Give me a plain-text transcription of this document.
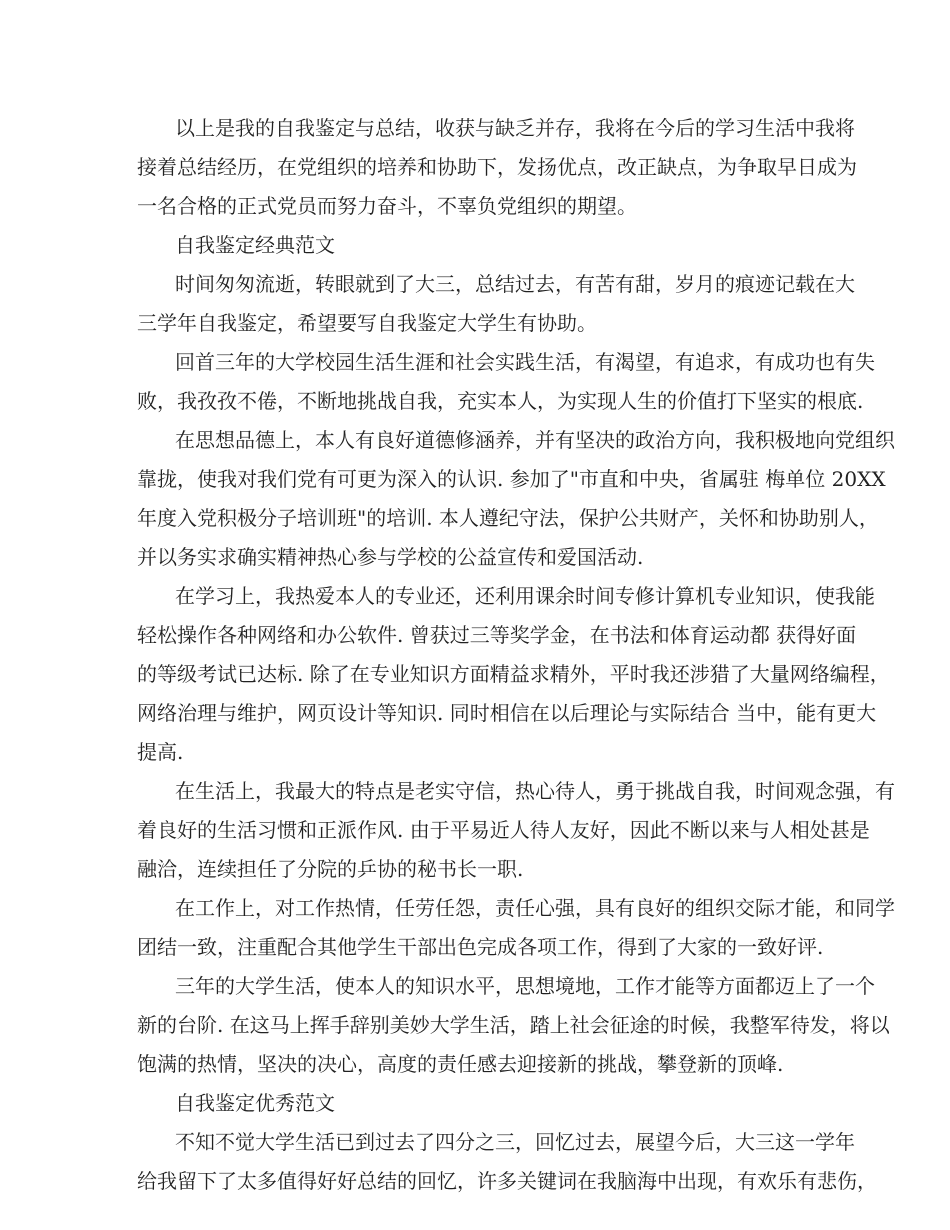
以上是我的自我鉴定与总结，收获与缺乏并存，我将在今后的学习生活中我将
接着总结经历，在党组织的培养和协助下，发扬优点，改正缺点，为争取早日成为
一名合格的正式党员而努力奋斗，不辜负党组织的期望。
自我鉴定经典范文
时间匆匆流逝，转眼就到了大三，总结过去，有苦有甜，岁月的痕迹记载在大
三学年自我鉴定，希望要写自我鉴定大学生有协助。
回首三年的大学校园生活生涯和社会实践生活，有渴望，有追求，有成功也有失
败，我孜孜不倦，不断地挑战自我，充实本人，为实现人生的价值打下坚实的根底.
在思想品德上，本人有良好道德修涵养，并有坚决的政治方向，我积极地向党组织
靠拢，使我对我们党有可更为深入的认识. 参加了"市直和中央，省属驻 梅单位 20XX
年度入党积极分子培训班"的培训. 本人遵纪守法，保护公共财产，关怀和协助别人，
并以务实求确实精神热心参与学校的公益宣传和爱国活动.
在学习上，我热爱本人的专业还，还利用课余时间专修计算机专业知识，使我能
轻松操作各种网络和办公软件. 曾获过三等奖学金，在书法和体育运动都 获得好面
的等级考试已达标. 除了在专业知识方面精益求精外，平时我还涉猎了大量网络编程，
网络治理与维护，网页设计等知识. 同时相信在以后理论与实际结合 当中，能有更大
提高.
在生活上，我最大的特点是老实守信，热心待人，勇于挑战自我，时间观念强，有
着良好的生活习惯和正派作风. 由于平易近人待人友好，因此不断以来与人相处甚是
融洽，连续担任了分院的乒协的秘书长一职.
在工作上，对工作热情，任劳任怨，责任心强，具有良好的组织交际才能，和同学
团结一致，注重配合其他学生干部出色完成各项工作，得到了大家的一致好评.
三年的大学生活，使本人的知识水平，思想境地，工作才能等方面都迈上了一个
新的台阶. 在这马上挥手辞别美妙大学生活，踏上社会征途的时候，我整军待发，将以
饱满的热情，坚决的决心，高度的责任感去迎接新的挑战，攀登新的顶峰.
自我鉴定优秀范文
不知不觉大学生活已到过去了四分之三，回忆过去，展望今后，大三这一学年
给我留下了太多值得好好总结的回忆，许多关键词在我脑海中出现，有欢乐有悲伤，
